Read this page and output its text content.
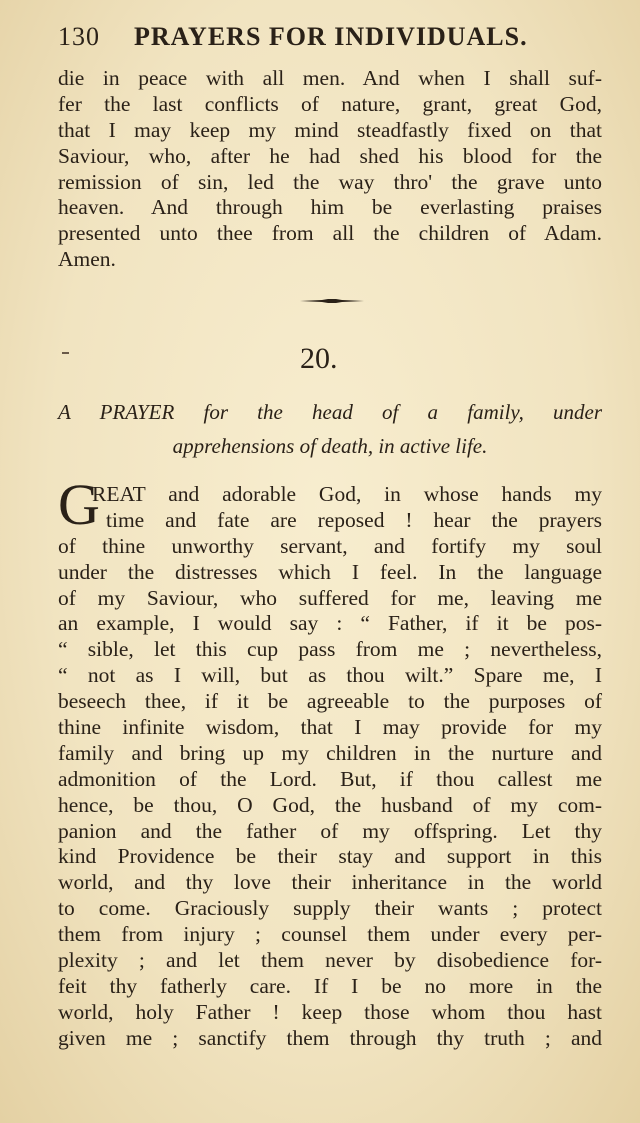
130 PRAYERS FOR INDIVIDUALS.
die in peace with all men. And when I shall suf-
fer the last conflicts of nature, grant, great God,
that I may keep my mind steadfastly fixed on that
Saviour, who, after he had shed his blood for the
remission of sin, led the way thro' the grave unto
heaven. And through him be everlasting praises
presented unto thee from all the children of Adam.
Amen.
20.
A PRAYER for the head of a family, under
apprehensions of death, in active life.
G
REAT and adorable God, in whose hands my
time and fate are reposed ! hear the prayers
of thine unworthy servant, and fortify my soul
under the distresses which I feel. In the language
of my Saviour, who suffered for me, leaving me
an example, I would say : “ Father, if it be pos-
“ sible, let this cup pass from me ; nevertheless,
“ not as I will, but as thou wilt.” Spare me, I
beseech thee, if it be agreeable to the purposes of
thine infinite wisdom, that I may provide for my
family and bring up my children in the nurture and
admonition of the Lord. But, if thou callest me
hence, be thou, O God, the husband of my com-
panion and the father of my offspring. Let thy
kind Providence be their stay and support in this
world, and thy love their inheritance in the world
to come. Graciously supply their wants ; protect
them from injury ; counsel them under every per-
plexity ; and let them never by disobedience for-
feit thy fatherly care. If I be no more in the
world, holy Father ! keep those whom thou hast
given me ; sanctify them through thy truth ; and
